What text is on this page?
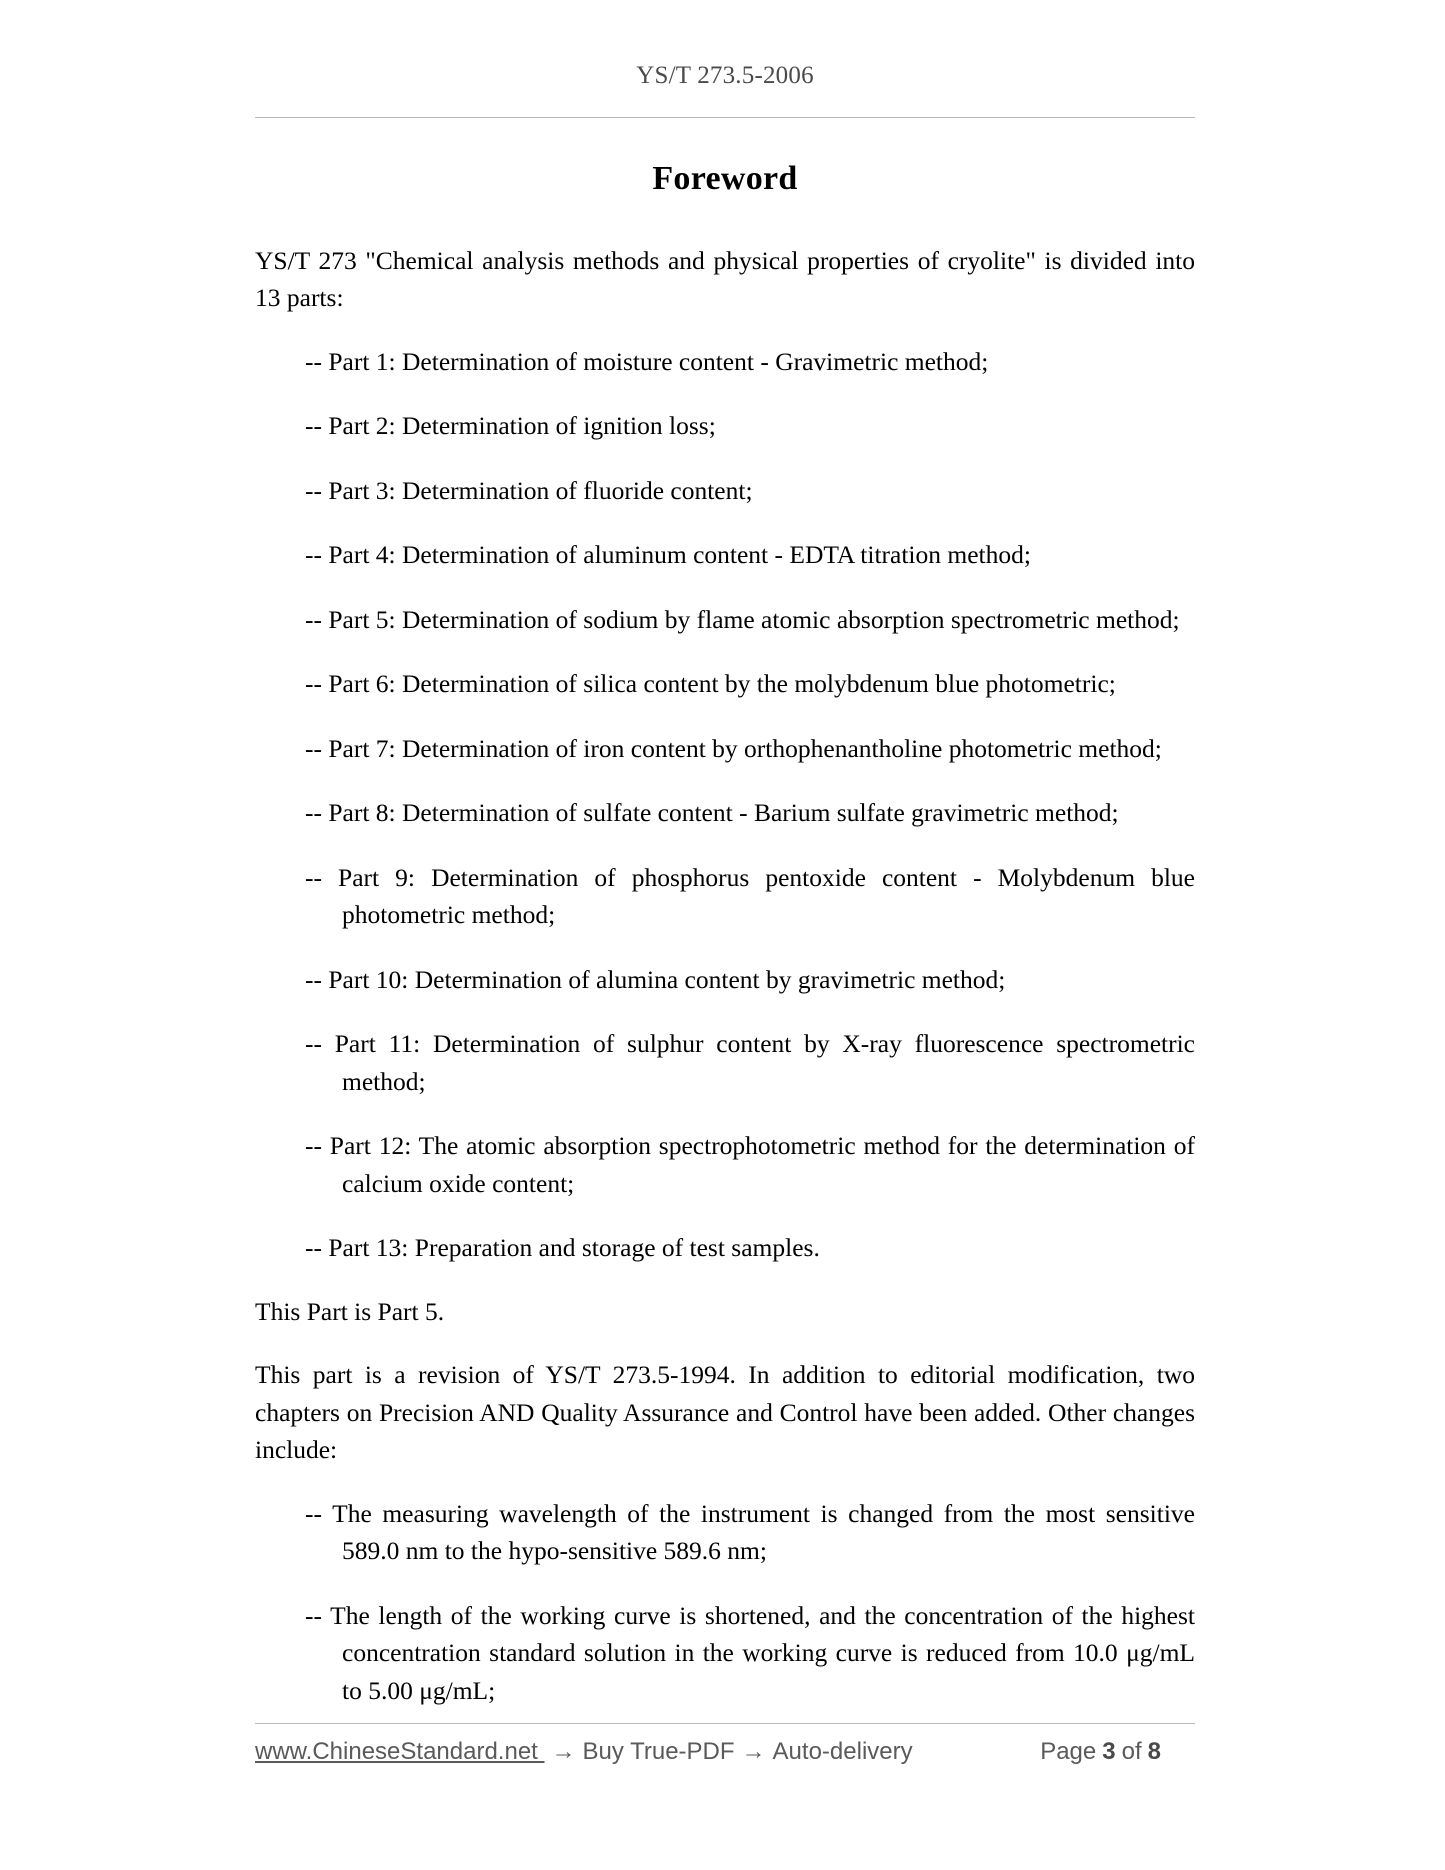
YS/T 273.5-2006
Foreword

YS/T 273 "Chemical analysis methods and physical properties of cryolite" is divided into 13 parts:

-- Part 1: Determination of moisture content - Gravimetric method;
-- Part 2: Determination of ignition loss;
-- Part 3: Determination of fluoride content;
-- Part 4: Determination of aluminum content - EDTA titration method;
-- Part 5: Determination of sodium by flame atomic absorption spectrometric method;
-- Part 6: Determination of silica content by the molybdenum blue photometric;
-- Part 7: Determination of iron content by orthophenantholine photometric method;
-- Part 8: Determination of sulfate content - Barium sulfate gravimetric method;
-- Part 9: Determination of phosphorus pentoxide content - Molybdenum blue photometric method;
-- Part 10: Determination of alumina content by gravimetric method;
-- Part 11: Determination of sulphur content by X-ray fluorescence spectrometric method;
-- Part 12: The atomic absorption spectrophotometric method for the determination of calcium oxide content;
-- Part 13: Preparation and storage of test samples.

This Part is Part 5.

This part is a revision of YS/T 273.5-1994. In addition to editorial modification, two chapters on Precision AND Quality Assurance and Control have been added. Other changes include:

-- The measuring wavelength of the instrument is changed from the most sensitive 589.0 nm to the hypo-sensitive 589.6 nm;
-- The length of the working curve is shortened, and the concentration of the highest concentration standard solution in the working curve is reduced from 10.0 μg/mL to 5.00 μg/mL;
www.ChineseStandard.net → Buy True-PDF → Auto-delivery	Page 3 of 8
